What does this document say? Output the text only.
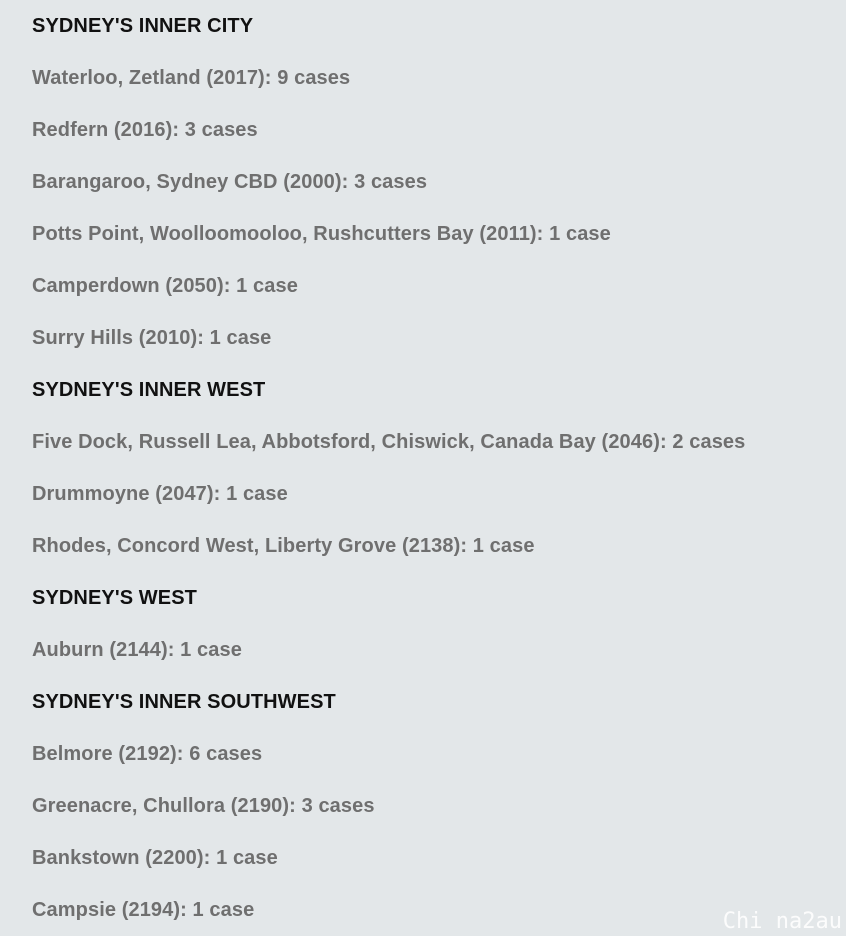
SYDNEY'S INNER CITY
Waterloo, Zetland (2017): 9 cases
Redfern (2016): 3 cases
Barangaroo, Sydney CBD (2000): 3 cases
Potts Point, Woolloomooloo, Rushcutters Bay (2011): 1 case
Camperdown (2050): 1 case
Surry Hills (2010): 1 case
SYDNEY'S INNER WEST
Five Dock, Russell Lea, Abbotsford, Chiswick, Canada Bay (2046): 2 cases
Drummoyne (2047): 1 case
Rhodes, Concord West, Liberty Grove (2138): 1 case
SYDNEY'S WEST
Auburn (2144): 1 case
SYDNEY'S INNER SOUTHWEST
Belmore (2192): 6 cases
Greenacre, Chullora (2190): 3 cases
Bankstown (2200): 1 case
Campsie (2194): 1 case	Chi na2au
